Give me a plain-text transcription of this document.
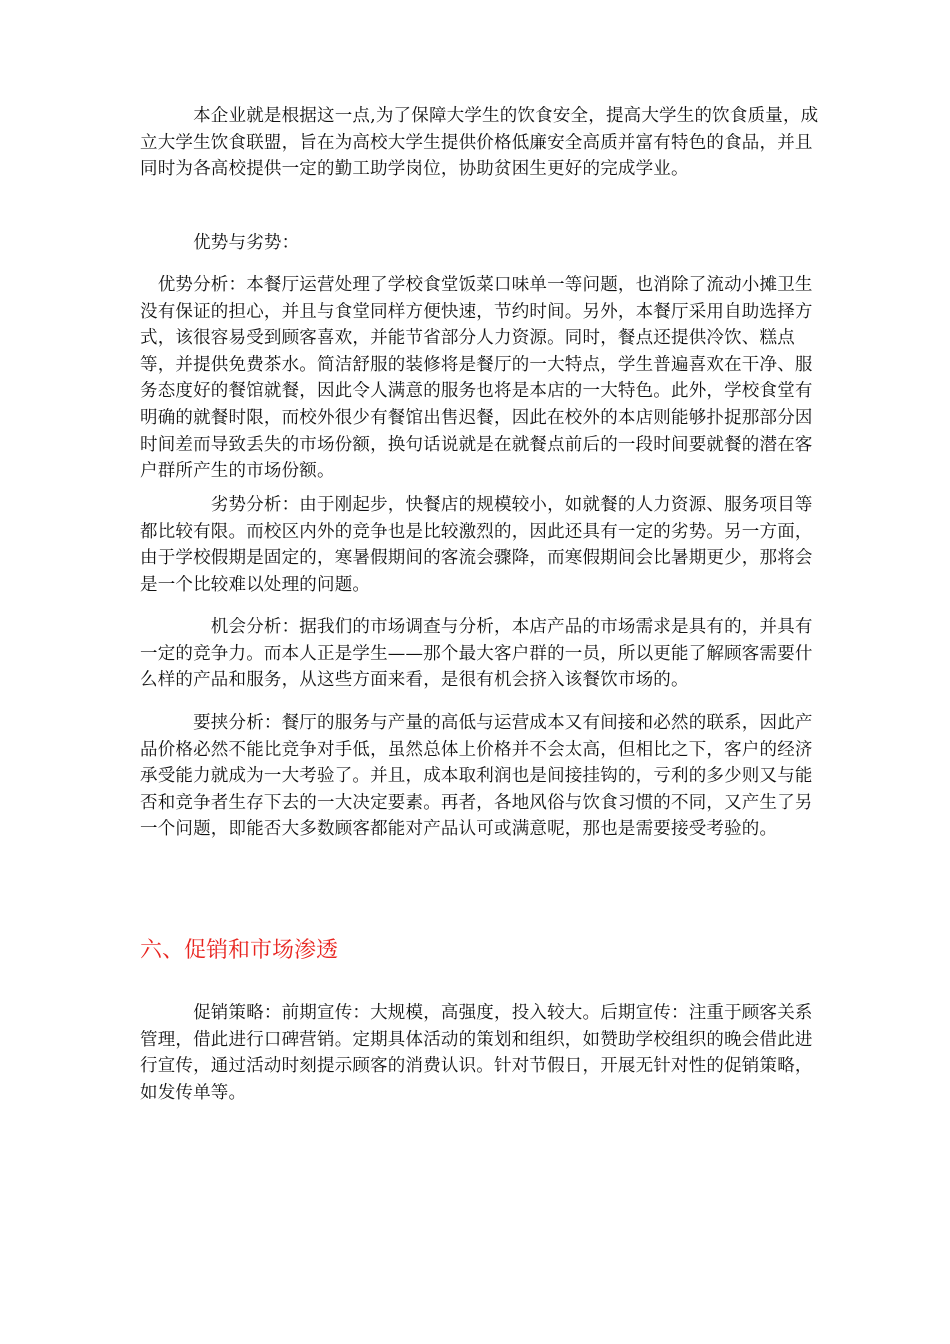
　　　本企业就是根据这一点,为了保障大学生的饮食安全，提高大学生的饮食质量，成立大学生饮食联盟，旨在为高校大学生提供价格低廉安全高质并富有特色的食品，并且同时为各高校提供一定的勤工助学岗位，协助贫困生更好的完成学业。

　　　优势与劣势：

　优势分析：本餐厅运营处理了学校食堂饭菜口味单一等问题，也消除了流动小摊卫生没有保证的担心，并且与食堂同样方便快速，节约时间。另外，本餐厅采用自助选择方式，该很容易受到顾客喜欢，并能节省部分人力资源。同时，餐点还提供冷饮、糕点等，并提供免费茶水。简洁舒服的装修将是餐厅的一大特点，学生普遍喜欢在干净、服务态度好的餐馆就餐，因此令人满意的服务也将是本店的一大特色。此外，学校食堂有明确的就餐时限，而校外很少有餐馆出售迟餐，因此在校外的本店则能够扑捉那部分因时间差而导致丢失的市场份额，换句话说就是在就餐点前后的一段时间要就餐的潜在客户群所产生的市场份额。

　　　　劣势分析：由于刚起步，快餐店的规模较小，如就餐的人力资源、服务项目等都比较有限。而校区内外的竞争也是比较激烈的，因此还具有一定的劣势。另一方面，由于学校假期是固定的，寒暑假期间的客流会骤降，而寒假期间会比暑期更少，那将会是一个比较难以处理的问题。

　　　　机会分析：据我们的市场调查与分析，本店产品的市场需求是具有的，并具有一定的竞争力。而本人正是学生——那个最大客户群的一员，所以更能了解顾客需要什么样的产品和服务，从这些方面来看，是很有机会挤入该餐饮市场的。

　　　要挟分析：餐厅的服务与产量的高低与运营成本又有间接和必然的联系，因此产品价格必然不能比竞争对手低，虽然总体上价格并不会太高，但相比之下，客户的经济承受能力就成为一大考验了。并且，成本取利润也是间接挂钩的，亏利的多少则又与能否和竞争者生存下去的一大决定要素。再者，各地风俗与饮食习惯的不同，又产生了另一个问题，即能否大多数顾客都能对产品认可或满意呢，那也是需要接受考验的。

六、促销和市场渗透

　　　促销策略：前期宣传：大规模，高强度，投入较大。后期宣传：注重于顾客关系管理，借此进行口碑营销。定期具体活动的策划和组织，如赞助学校组织的晚会借此进行宣传，通过活动时刻提示顾客的消费认识。针对节假日，开展无针对性的促销策略，如发传单等。
